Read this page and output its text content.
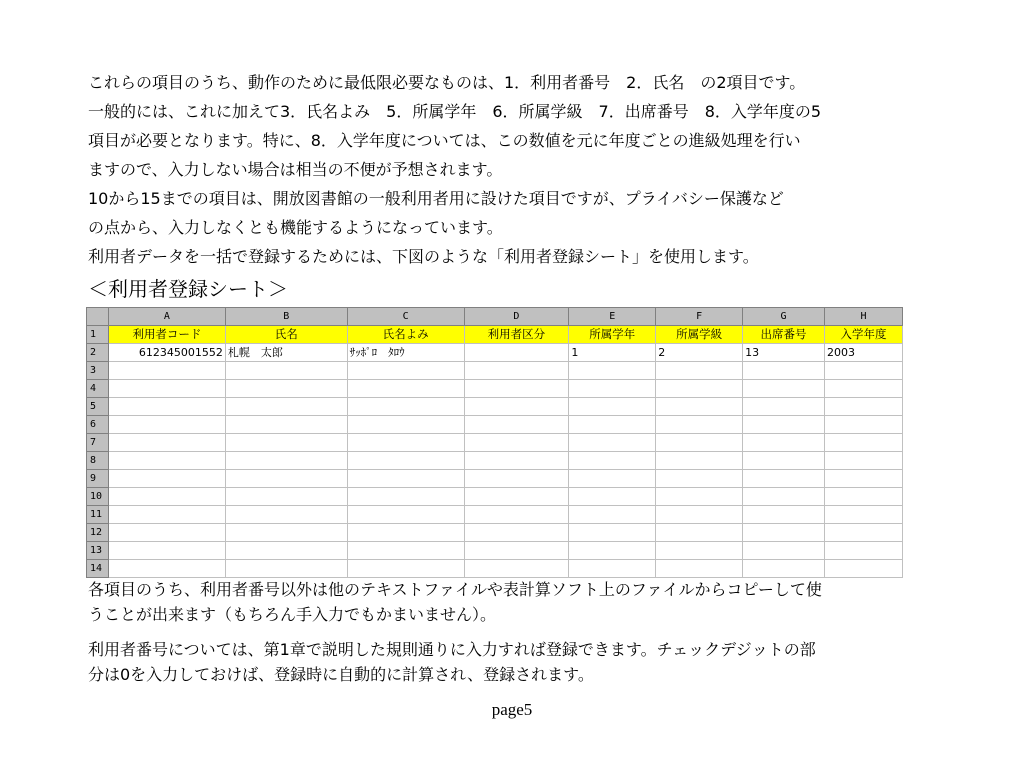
これらの項目のうち、動作のために最低限必要なものは、1．利用者番号　2．氏名　の2項目です。

一般的には、これに加えて3．氏名よみ　5．所属学年　6．所属学級　7．出席番号　8．入学年度の5

項目が必要となります。特に、8．入学年度については、この数値を元に年度ごとの進級処理を行い

ますので、入力しない場合は相当の不便が予想されます。

10から15までの項目は、開放図書館の一般利用者用に設けた項目ですが、プライバシー保護など

の点から、入力しなくとも機能するようになっています。

利用者データを一括で登録するためには、下図のような「利用者登録シート」を使用します。

＜利用者登録シート＞
	A	B	C	D	E	F	G	H
1	利用者コード	氏名	氏名よみ	利用者区分	所属学年	所属学級	出席番号	入学年度
2	612345001552	札幌　太郎	ｻｯﾎﾟﾛ　ﾀﾛｳ		1	2	13	2003
3								
4								
5								
6								
7								
8								
9								
10								
11								
12								
13								
14								

各項目のうち、利用者番号以外は他のテキストファイルや表計算ソフト上のファイルからコピーして使

うことが出来ます（もちろん手入力でもかまいません）。

利用者番号については、第1章で説明した規則通りに入力すれば登録できます。チェックデジットの部

分は0を入力しておけば、登録時に自動的に計算され、登録されます。

page5
